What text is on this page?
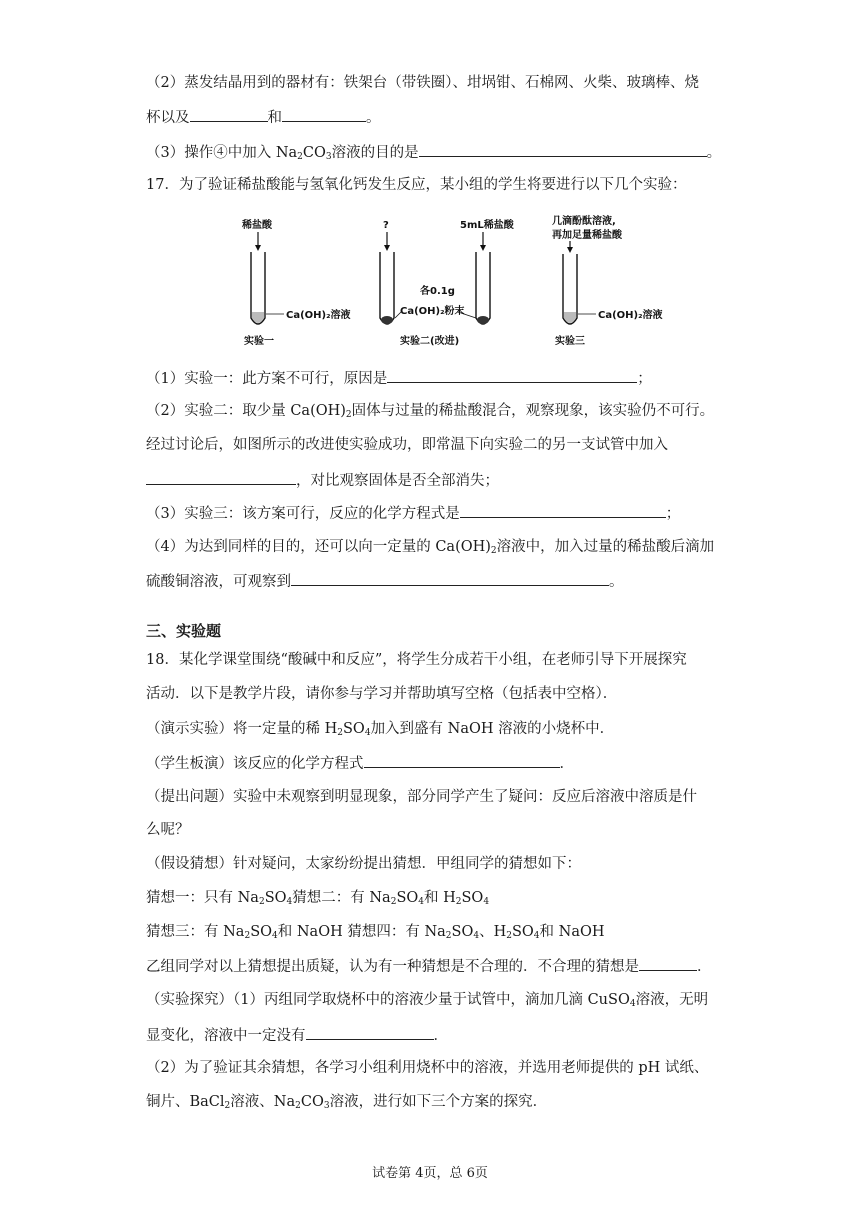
（2）蒸发结晶用到的器材有：铁架台（带铁圈）、坩埚钳、石棉网、火柴、玻璃棒、烧
杯以及	和	。
（3）操作④中加入 $Na_2CO_3$溶液的目的是	。
17．为了验证稀盐酸能与氢氧化钙发生反应，某小组的学生将要进行以下几个实验：
稀盐酸
Ca(OH)₂溶液
实验一
?	5mL稀盐酸
各0.1g
Ca(OH)₂粉末
实验二(改进)
几滴酚酞溶液,
再加足量稀盐酸
Ca(OH)₂溶液
实验三
（1）实验一：此方案不可行，原因是	；
（2）实验二：取少量 $Ca(OH)_2$固体与过量的稀盐酸混合，观察现象，该实验仍不可行。
经过讨论后，如图所示的改进使实验成功，即常温下向实验二的另一支试管中加入
，对比观察固体是否全部消失；
（3）实验三：该方案可行，反应的化学方程式是	；
（4）为达到同样的目的，还可以向一定量的 $Ca(OH)_2$溶液中，加入过量的稀盐酸后滴加
硫酸铜溶液，可观察到	。
三、实验题
18．某化学课堂围绕“酸碱中和反应”，将学生分成若干小组，在老师引导下开展探究
活动．以下是教学片段，请你参与学习并帮助填写空格（包括表中空格）．
（演示实验）将一定量的稀 $H_2SO_4$加入到盛有 NaOH 溶液的小烧杯中．
（学生板演）该反应的化学方程式	．
（提出问题）实验中未观察到明显现象，部分同学产生了疑问：反应后溶液中溶质是什
么呢？
（假设猜想）针对疑问，太家纷纷提出猜想．甲组同学的猜想如下：
猜想一：只有 $Na_2SO_4$猜想二：有 $Na_2SO_4$和 $H_2SO_4$
猜想三：有 $Na_2SO_4$和 NaOH 猜想四：有 $Na_2SO_4$、$H_2SO_4$和 NaOH
乙组同学对以上猜想提出质疑，认为有一种猜想是不合理的．不合理的猜想是	．
（实验探究）（1）丙组同学取烧杯中的溶液少量于试管中，滴加几滴 CuSO$_4$溶液，无明
显变化，溶液中一定没有	．
（2）为了验证其余猜想，各学习小组利用烧杯中的溶液，并选用老师提供的 pH 试纸、
铜片、BaCl$_2$溶液、$Na_2CO_3$溶液，进行如下三个方案的探究．
试卷第 4页，总 6页
